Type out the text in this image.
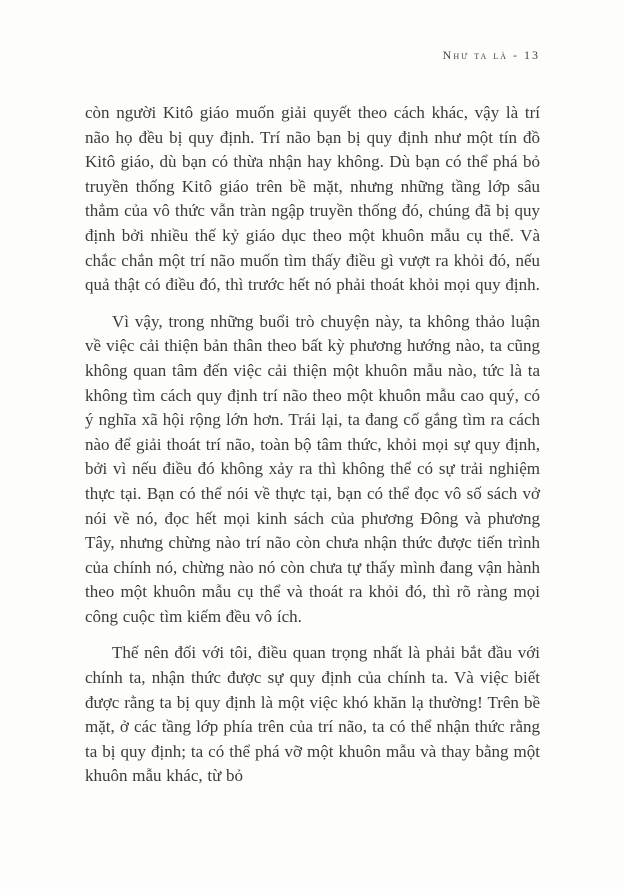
Như ta là - 13

còn người Kitô giáo muốn giải quyết theo cách khác, vậy là trí não họ đều bị quy định. Trí não bạn bị quy định như một tín đồ Kitô giáo, dù bạn có thừa nhận hay không. Dù bạn có thể phá bỏ truyền thống Kitô giáo trên bề mặt, nhưng những tầng lớp sâu thẳm của vô thức vẫn tràn ngập truyền thống đó, chúng đã bị quy định bởi nhiều thế kỷ giáo dục theo một khuôn mẫu cụ thể. Và chắc chắn một trí não muốn tìm thấy điều gì vượt ra khỏi đó, nếu quả thật có điều đó, thì trước hết nó phải thoát khỏi mọi quy định.

Vì vậy, trong những buổi trò chuyện này, ta không thảo luận về việc cải thiện bản thân theo bất kỳ phương hướng nào, ta cũng không quan tâm đến việc cải thiện một khuôn mẫu nào, tức là ta không tìm cách quy định trí não theo một khuôn mẫu cao quý, có ý nghĩa xã hội rộng lớn hơn. Trái lại, ta đang cố gắng tìm ra cách nào để giải thoát trí não, toàn bộ tâm thức, khỏi mọi sự quy định, bởi vì nếu điều đó không xảy ra thì không thể có sự trải nghiệm thực tại. Bạn có thể nói về thực tại, bạn có thể đọc vô số sách vở nói về nó, đọc hết mọi kinh sách của phương Đông và phương Tây, nhưng chừng nào trí não còn chưa nhận thức được tiến trình của chính nó, chừng nào nó còn chưa tự thấy mình đang vận hành theo một khuôn mẫu cụ thể và thoát ra khỏi đó, thì rõ ràng mọi công cuộc tìm kiếm đều vô ích.

Thế nên đối với tôi, điều quan trọng nhất là phải bắt đầu với chính ta, nhận thức được sự quy định của chính ta. Và việc biết được rằng ta bị quy định là một việc khó khăn lạ thường! Trên bề mặt, ở các tầng lớp phía trên của trí não, ta có thể nhận thức rằng ta bị quy định; ta có thể phá vỡ một khuôn mẫu và thay bằng một khuôn mẫu khác, từ bỏ
